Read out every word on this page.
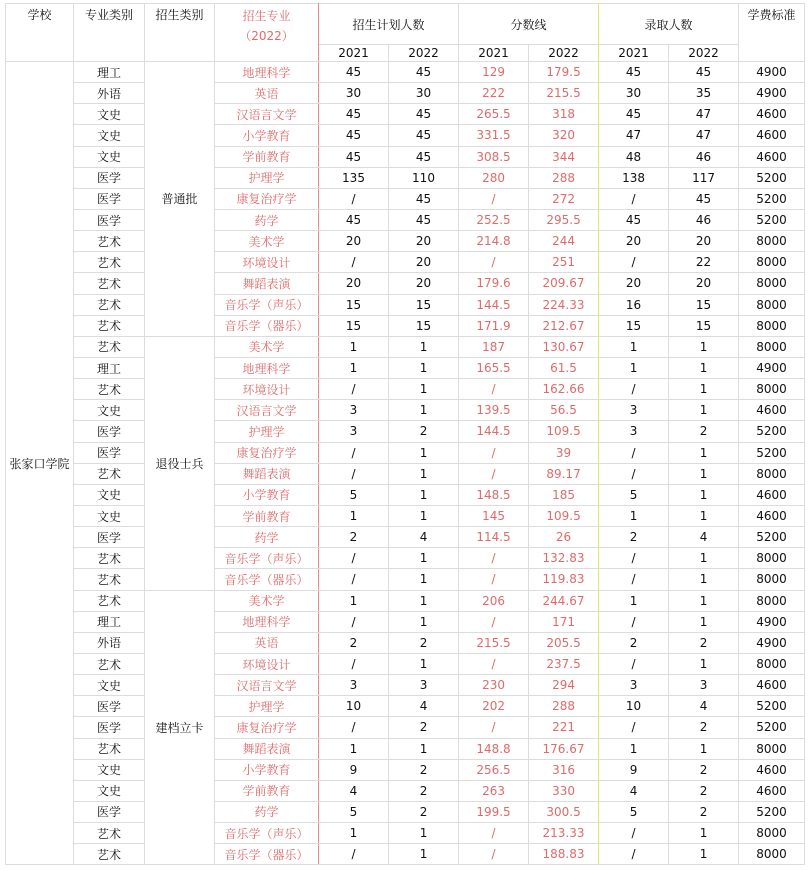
学校	专业类别	招生类别	招生专业
（2022）	招生计划人数		分数线		录取人数		学费标准
				2021	2022	2021	2022	2021	2022	
张家口学院	理工	普通批	地理科学	45	45	129	179.5	45	45	4900
	外语		英语	30	30	222	215.5	30	35	4900
	文史		汉语言文学	45	45	265.5	318	45	47	4600
	文史		小学教育	45	45	331.5	320	47	47	4600
	文史		学前教育	45	45	308.5	344	48	46	4600
	医学		护理学	135	110	280	288	138	117	5200
	医学		康复治疗学	/	45	/	272	/	45	5200
	医学		药学	45	45	252.5	295.5	45	46	5200
	艺术		美术学	20	20	214.8	244	20	20	8000
	艺术		环境设计	/	20	/	251	/	22	8000
	艺术		舞蹈表演	20	20	179.6	209.67	20	20	8000
	艺术		音乐学（声乐）	15	15	144.5	224.33	16	15	8000
	艺术		音乐学（器乐）	15	15	171.9	212.67	15	15	8000
	艺术	退役士兵	美术学	1	1	187	130.67	1	1	8000
	理工		地理科学	1	1	165.5	61.5	1	1	4900
	艺术		环境设计	/	1	/	162.66	/	1	8000
	文史		汉语言文学	3	1	139.5	56.5	3	1	4600
	医学		护理学	3	2	144.5	109.5	3	2	5200
	医学		康复治疗学	/	1	/	39	/	1	5200
	艺术		舞蹈表演	/	1	/	89.17	/	1	8000
	文史		小学教育	5	1	148.5	185	5	1	4600
	文史		学前教育	1	1	145	109.5	1	1	4600
	医学		药学	2	4	114.5	26	2	4	5200
	艺术		音乐学（声乐）	/	1	/	132.83	/	1	8000
	艺术		音乐学（器乐）	/	1	/	119.83	/	1	8000
	艺术	建档立卡	美术学	1	1	206	244.67	1	1	8000
	理工		地理科学	/	1	/	171	/	1	4900
	外语		英语	2	2	215.5	205.5	2	2	4900
	艺术		环境设计	/	1	/	237.5	/	1	8000
	文史		汉语言文学	3	3	230	294	3	3	4600
	医学		护理学	10	4	202	288	10	4	5200
	医学		康复治疗学	/	2	/	221	/	2	5200
	艺术		舞蹈表演	1	1	148.8	176.67	1	1	8000
	文史		小学教育	9	2	256.5	316	9	2	4600
	文史		学前教育	4	2	263	330	4	2	4600
	医学		药学	5	2	199.5	300.5	5	2	5200
	艺术		音乐学（声乐）	1	1	/	213.33	/	1	8000
	艺术		音乐学（器乐）	/	1	/	188.83	/	1	8000
